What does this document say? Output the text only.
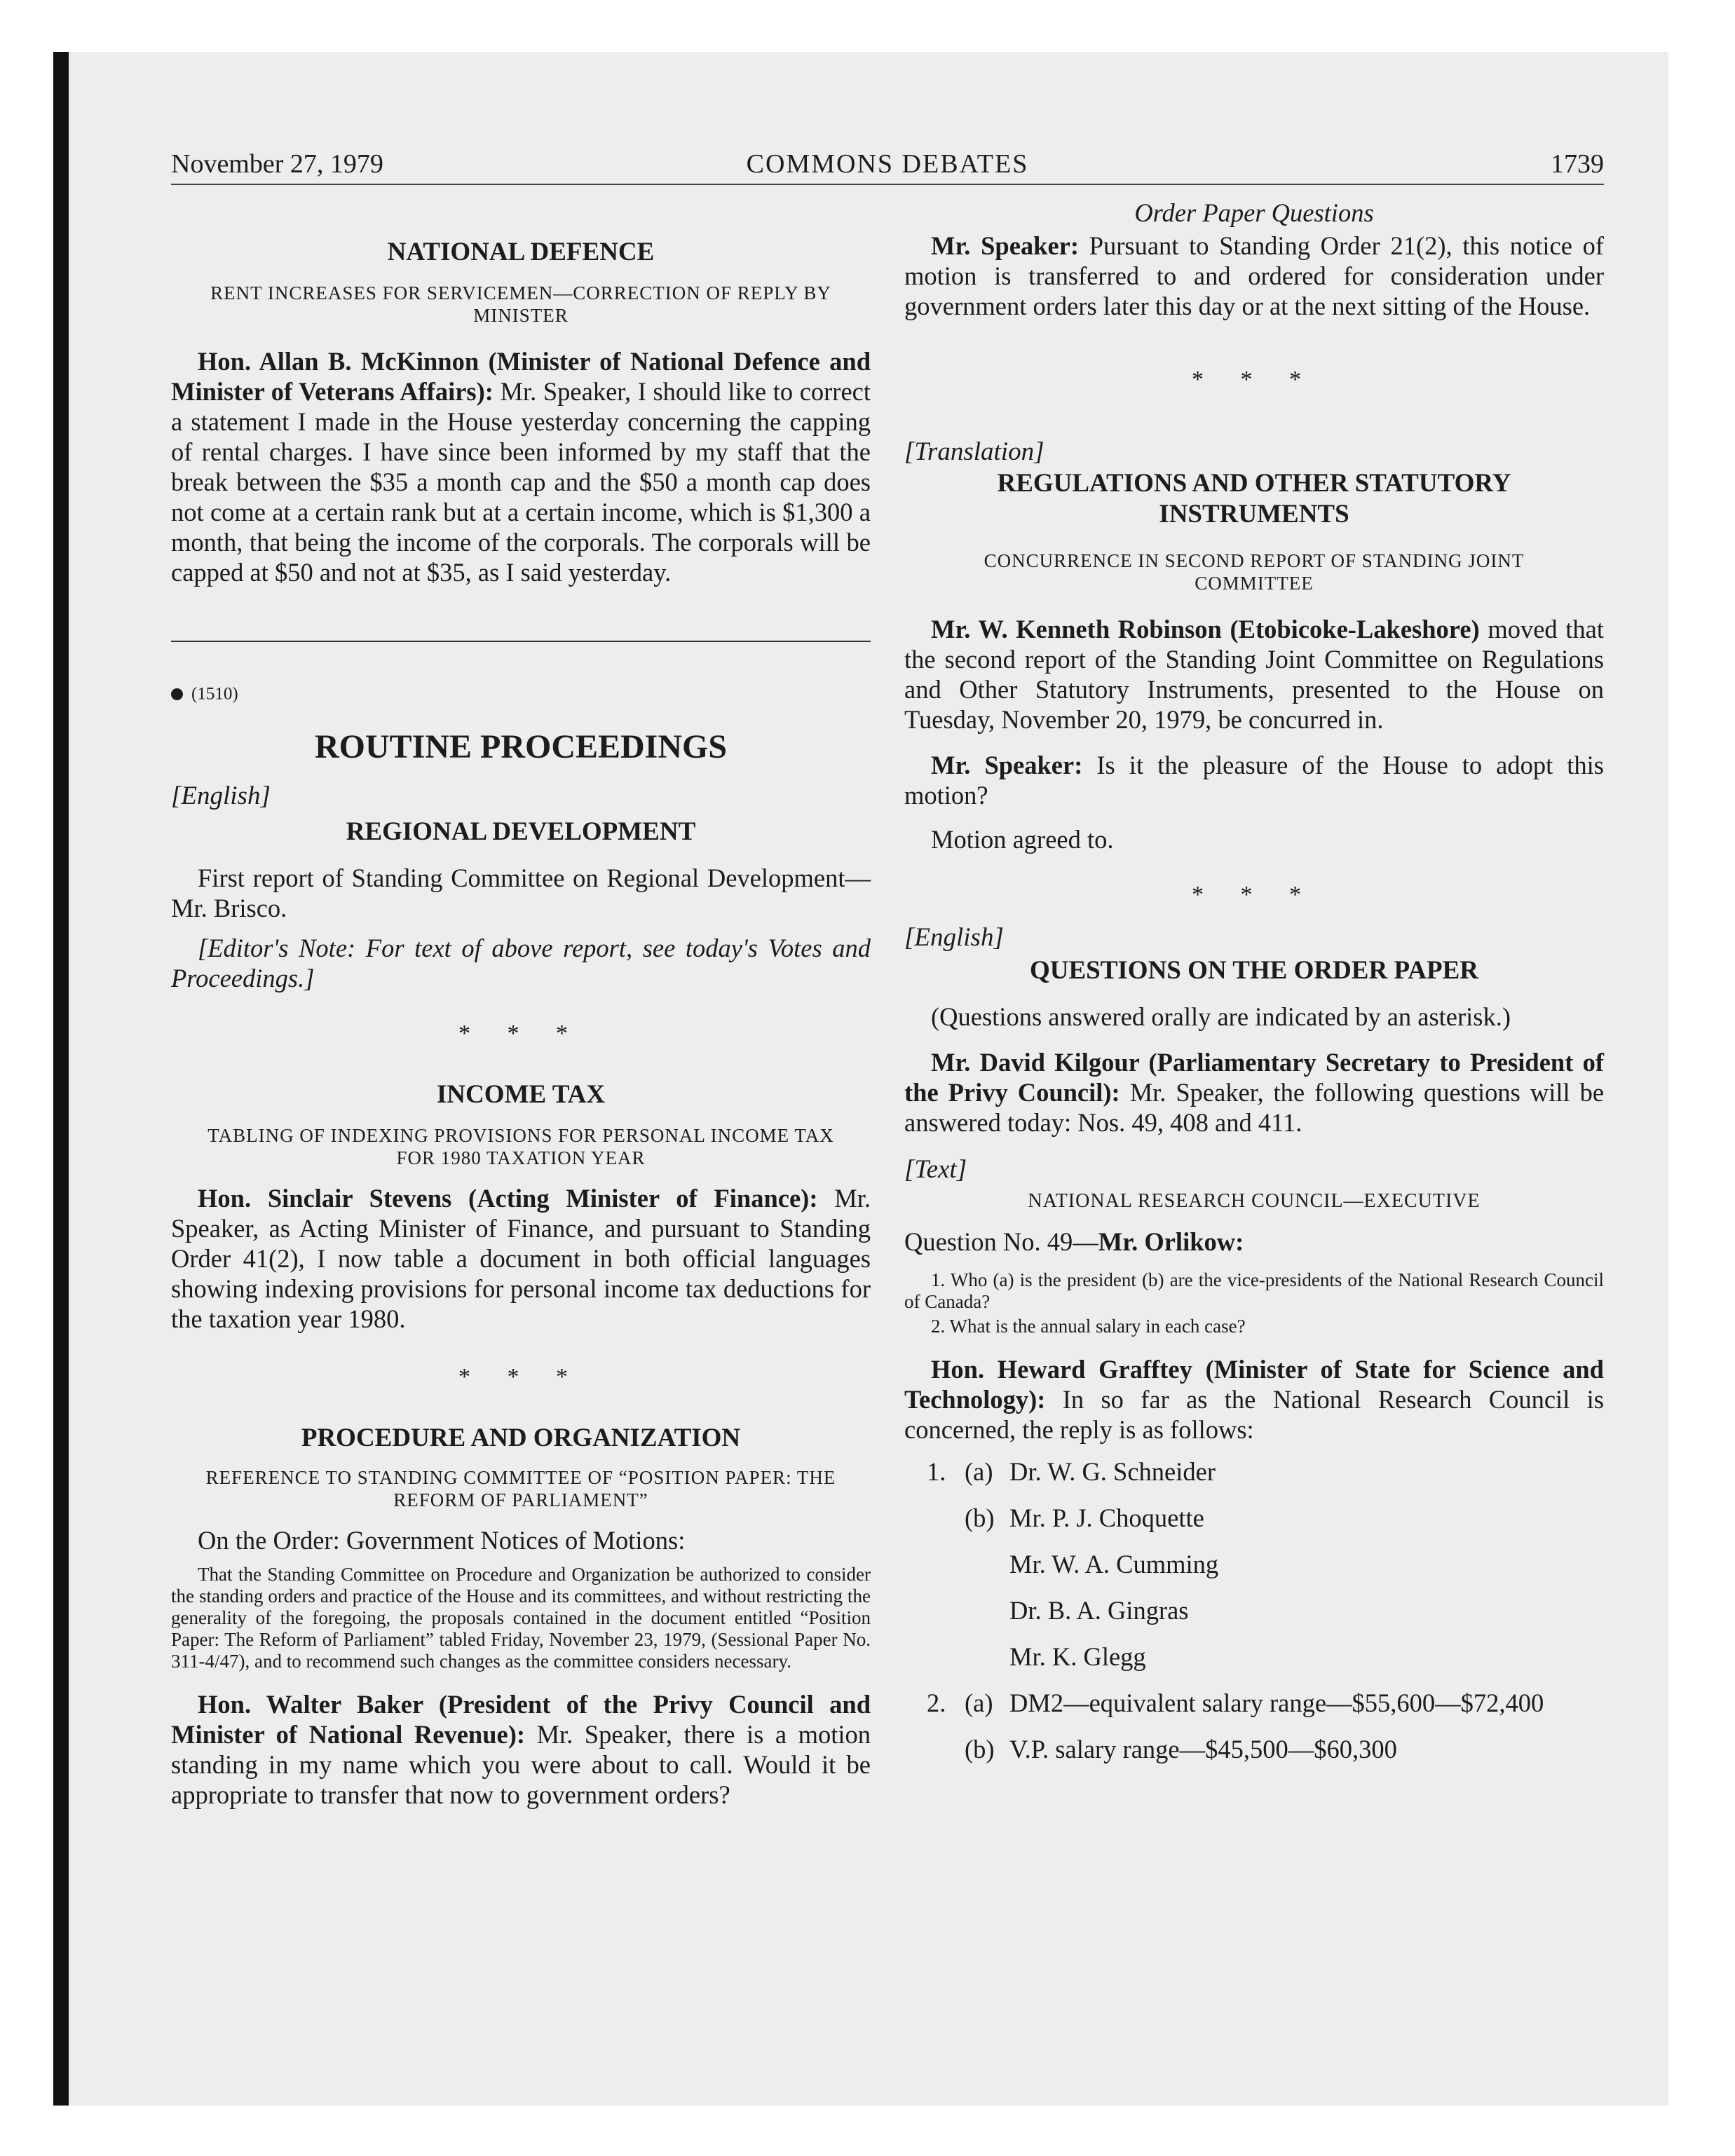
November 27, 1979	COMMONS DEBATES	1739

NATIONAL DEFENCE

RENT INCREASES FOR SERVICEMEN—CORRECTION OF REPLY BY MINISTER

Hon. Allan B. McKinnon (Minister of National Defence and Minister of Veterans Affairs): Mr. Speaker, I should like to correct a statement I made in the House yesterday concerning the capping of rental charges. I have since been informed by my staff that the break between the $35 a month cap and the $50 a month cap does not come at a certain rank but at a certain income, which is $1,300 a month, that being the income of the corporals. The corporals will be capped at $50 and not at $35, as I said yesterday.

(1510)

ROUTINE PROCEEDINGS

[English]

REGIONAL DEVELOPMENT

First report of Standing Committee on Regional Development—Mr. Brisco.

[Editor's Note: For text of above report, see today's Votes and Proceedings.]

* * *

INCOME TAX

TABLING OF INDEXING PROVISIONS FOR PERSONAL INCOME TAX FOR 1980 TAXATION YEAR

Hon. Sinclair Stevens (Acting Minister of Finance): Mr. Speaker, as Acting Minister of Finance, and pursuant to Standing Order 41(2), I now table a document in both official languages showing indexing provisions for personal income tax deductions for the taxation year 1980.

* * *

PROCEDURE AND ORGANIZATION

REFERENCE TO STANDING COMMITTEE OF “POSITION PAPER: THE REFORM OF PARLIAMENT”

On the Order: Government Notices of Motions:

That the Standing Committee on Procedure and Organization be authorized to consider the standing orders and practice of the House and its committees, and without restricting the generality of the foregoing, the proposals contained in the document entitled “Position Paper: The Reform of Parliament” tabled Friday, November 23, 1979, (Sessional Paper No. 311-4/47), and to recommend such changes as the committee considers necessary.

Hon. Walter Baker (President of the Privy Council and Minister of National Revenue): Mr. Speaker, there is a motion standing in my name which you were about to call. Would it be appropriate to transfer that now to government orders?

Order Paper Questions

Mr. Speaker: Pursuant to Standing Order 21(2), this notice of motion is transferred to and ordered for consideration under government orders later this day or at the next sitting of the House.

* * *

[Translation]

REGULATIONS AND OTHER STATUTORY INSTRUMENTS

CONCURRENCE IN SECOND REPORT OF STANDING JOINT COMMITTEE

Mr. W. Kenneth Robinson (Etobicoke-Lakeshore) moved that the second report of the Standing Joint Committee on Regulations and Other Statutory Instruments, presented to the House on Tuesday, November 20, 1979, be concurred in.

Mr. Speaker: Is it the pleasure of the House to adopt this motion?

Motion agreed to.

* * *

[English]

QUESTIONS ON THE ORDER PAPER

(Questions answered orally are indicated by an asterisk.)

Mr. David Kilgour (Parliamentary Secretary to President of the Privy Council): Mr. Speaker, the following questions will be answered today: Nos. 49, 408 and 411.

[Text]

NATIONAL RESEARCH COUNCIL—EXECUTIVE

Question No. 49—Mr. Orlikow:

1. Who (a) is the president (b) are the vice-presidents of the National Research Council of Canada?

2. What is the annual salary in each case?

Hon. Heward Grafftey (Minister of State for Science and Technology): In so far as the National Research Council is concerned, the reply is as follows:

1. (a) Dr. W. G. Schneider
(b) Mr. P. J. Choquette
Mr. W. A. Cumming
Dr. B. A. Gingras
Mr. K. Glegg
2. (a) DM2—equivalent salary range—$55,600—$72,400
(b) V.P. salary range—$45,500—$60,300
